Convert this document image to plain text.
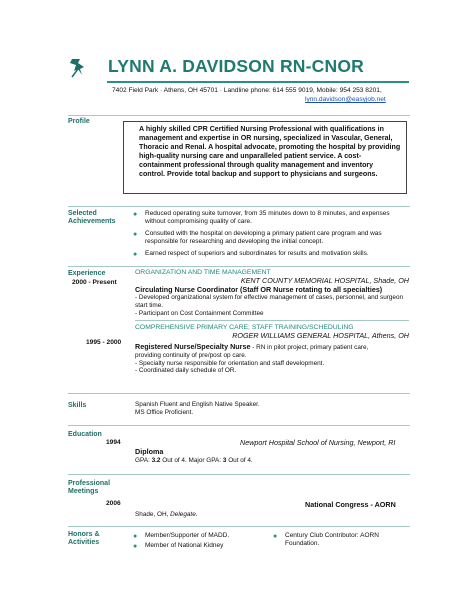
LYNN A. DAVIDSON RN-CNOR
7402 Field Park · Athens, OH 45701 · Landline phone: 614 555 9019, Mobile: 954 253 8201,
lynn.davidson@easyjob.net
Profile
A highly skilled CPR Certified Nursing Professional with qualifications in management and expertise in OR nursing, specialized in Vascular, General, Thoracic and Renal. A hospital advocate, promoting the hospital by providing high-quality nursing care and unparalleled patient service. A cost-containment professional through quality management and inventory control. Provide total backup and support to physicians and surgeons.
Selected
Achievements
● Reduced operating suite turnover, from 35 minutes down to 8 minutes, and expenses without compromising quality of care.
● Consulted with the hospital on developing a primary patient care program and was responsible for researching and developing the initial concept.
● Earned respect of superiors and subordinates for results and motivation skills.
Experience
2000 - Present
ORGANIZATION AND TIME MANAGEMENT
KENT COUNTY MEMORIAL HOSPITAL, Shade, OH
Circulating Nurse Coordinator (Staff OR Nurse rotating to all specialties)
- Developed organizational system for effective management of cases, personnel, and surgeon start time.
- Participant on Cost Containment Committee
1995 - 2000
COMPREHENSIVE PRIMARY CARE; STAFF TRAINING/SCHEDULING
ROGER WILLIAMS GENERAL HOSPITAL, Athens, OH
Registered Nurse/Specialty Nurse - RN in pilot project, primary patient care,
providing continuity of pre/post op care.
- Specialty nurse responsible for orientation and staff development.
- Coordinated daily schedule of OR.
Skills	Spanish Fluent and English Native Speaker.
MS Office Proficient.
Education
1994	Newport Hospital School of Nursing, Newport, RI
Diploma
GPA: 3.2 Out of 4. Major GPA: 3 Out of 4.
Professional
Meetings
2006	National Congress - AORN
Shade, OH, Delegate.
Honors &
Activities
● Member/Supporter of MADD.
● Member of National Kidney
● Century Club Contributor: AORN Foundation.
